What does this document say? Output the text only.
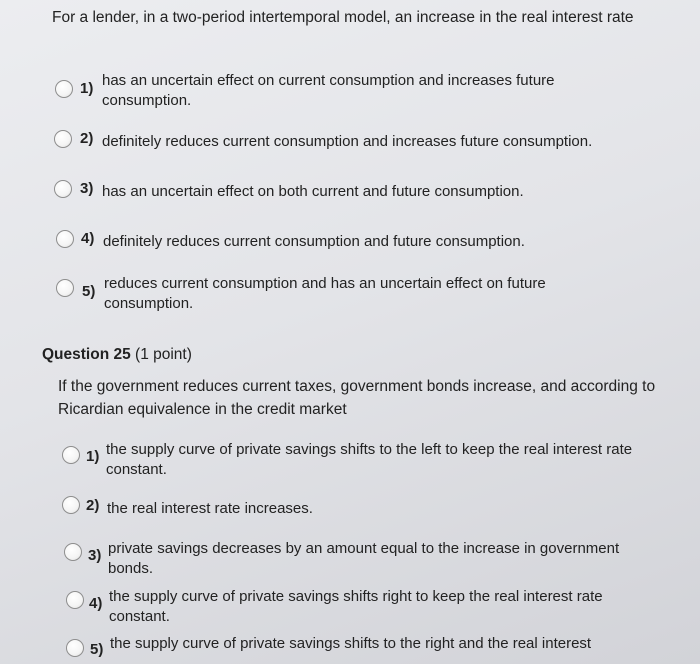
For a lender, in a two-period intertemporal model, an increase in the real interest rate
1) has an uncertain effect on current consumption and increases future consumption.
2) definitely reduces current consumption and increases future consumption.
3) has an uncertain effect on both current and future consumption.
4) definitely reduces current consumption and future consumption.
5) reduces current consumption and has an uncertain effect on future consumption.
Question 25 (1 point)
If the government reduces current taxes, government bonds increase, and according to Ricardian equivalence in the credit market
1) the supply curve of private savings shifts to the left to keep the real interest rate constant.
2) the real interest rate increases.
3) private savings decreases by an amount equal to the increase in government bonds.
4) the supply curve of private savings shifts right to keep the real interest rate constant.
5) the supply curve of private savings shifts to the right and the real interest
